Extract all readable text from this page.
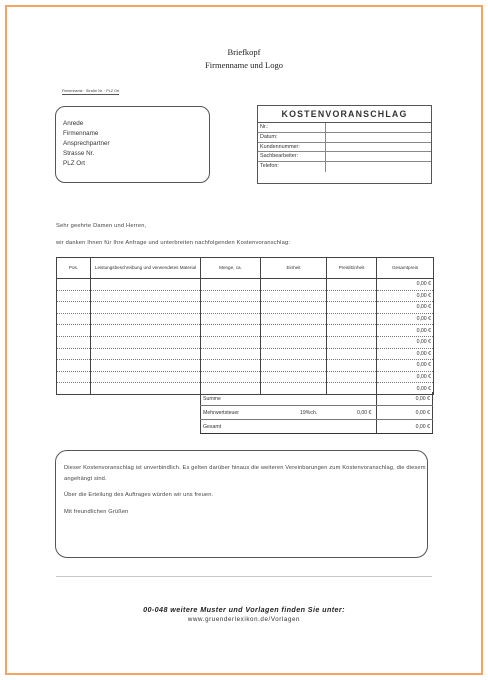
Briefkopf
Firmenname und Logo
Firmenname · Straße Nr. · PLZ Ort
Anrede
Firmenname
Ansprechpartner
Strasse Nr.
PLZ Ort
KOSTENVORANSCHLAG
Nr.:
Datum:
Kundennummer:
Sachbearbeiter:
Telefon:
Sehr geehrte Damen und Herren,
wir danken Ihnen für Ihre Anfrage und unterbreiten nachfolgenden Kostenvoranschlag:
Pos.	Leistungsbeschreibung und verwendetes Material	Menge, ca.	Einheit	Preis/Einheit	Gesamtpreis
					0,00 €
					0,00 €
					0,00 €
					0,00 €
					0,00 €
					0,00 €
					0,00 €
					0,00 €
					0,00 €
					0,00 €
Summe	0,00 €
Mehrwertsteuer	19%ch.	0,00 €	0,00 €
Gesamt	0,00 €

Dieser Kostenvoranschlag ist unverbindlich. Es gelten darüber hinaus die weiteren Vereinbarungen zum Kostenvoranschlag, die diesem angehängt sind.

Über die Erteilung des Auftrages würden wir uns freuen.

Mit freundlichen Grüßen

00-048 weitere Muster und Vorlagen finden Sie unter:
www.gruenderlexikon.de/Vorlagen
